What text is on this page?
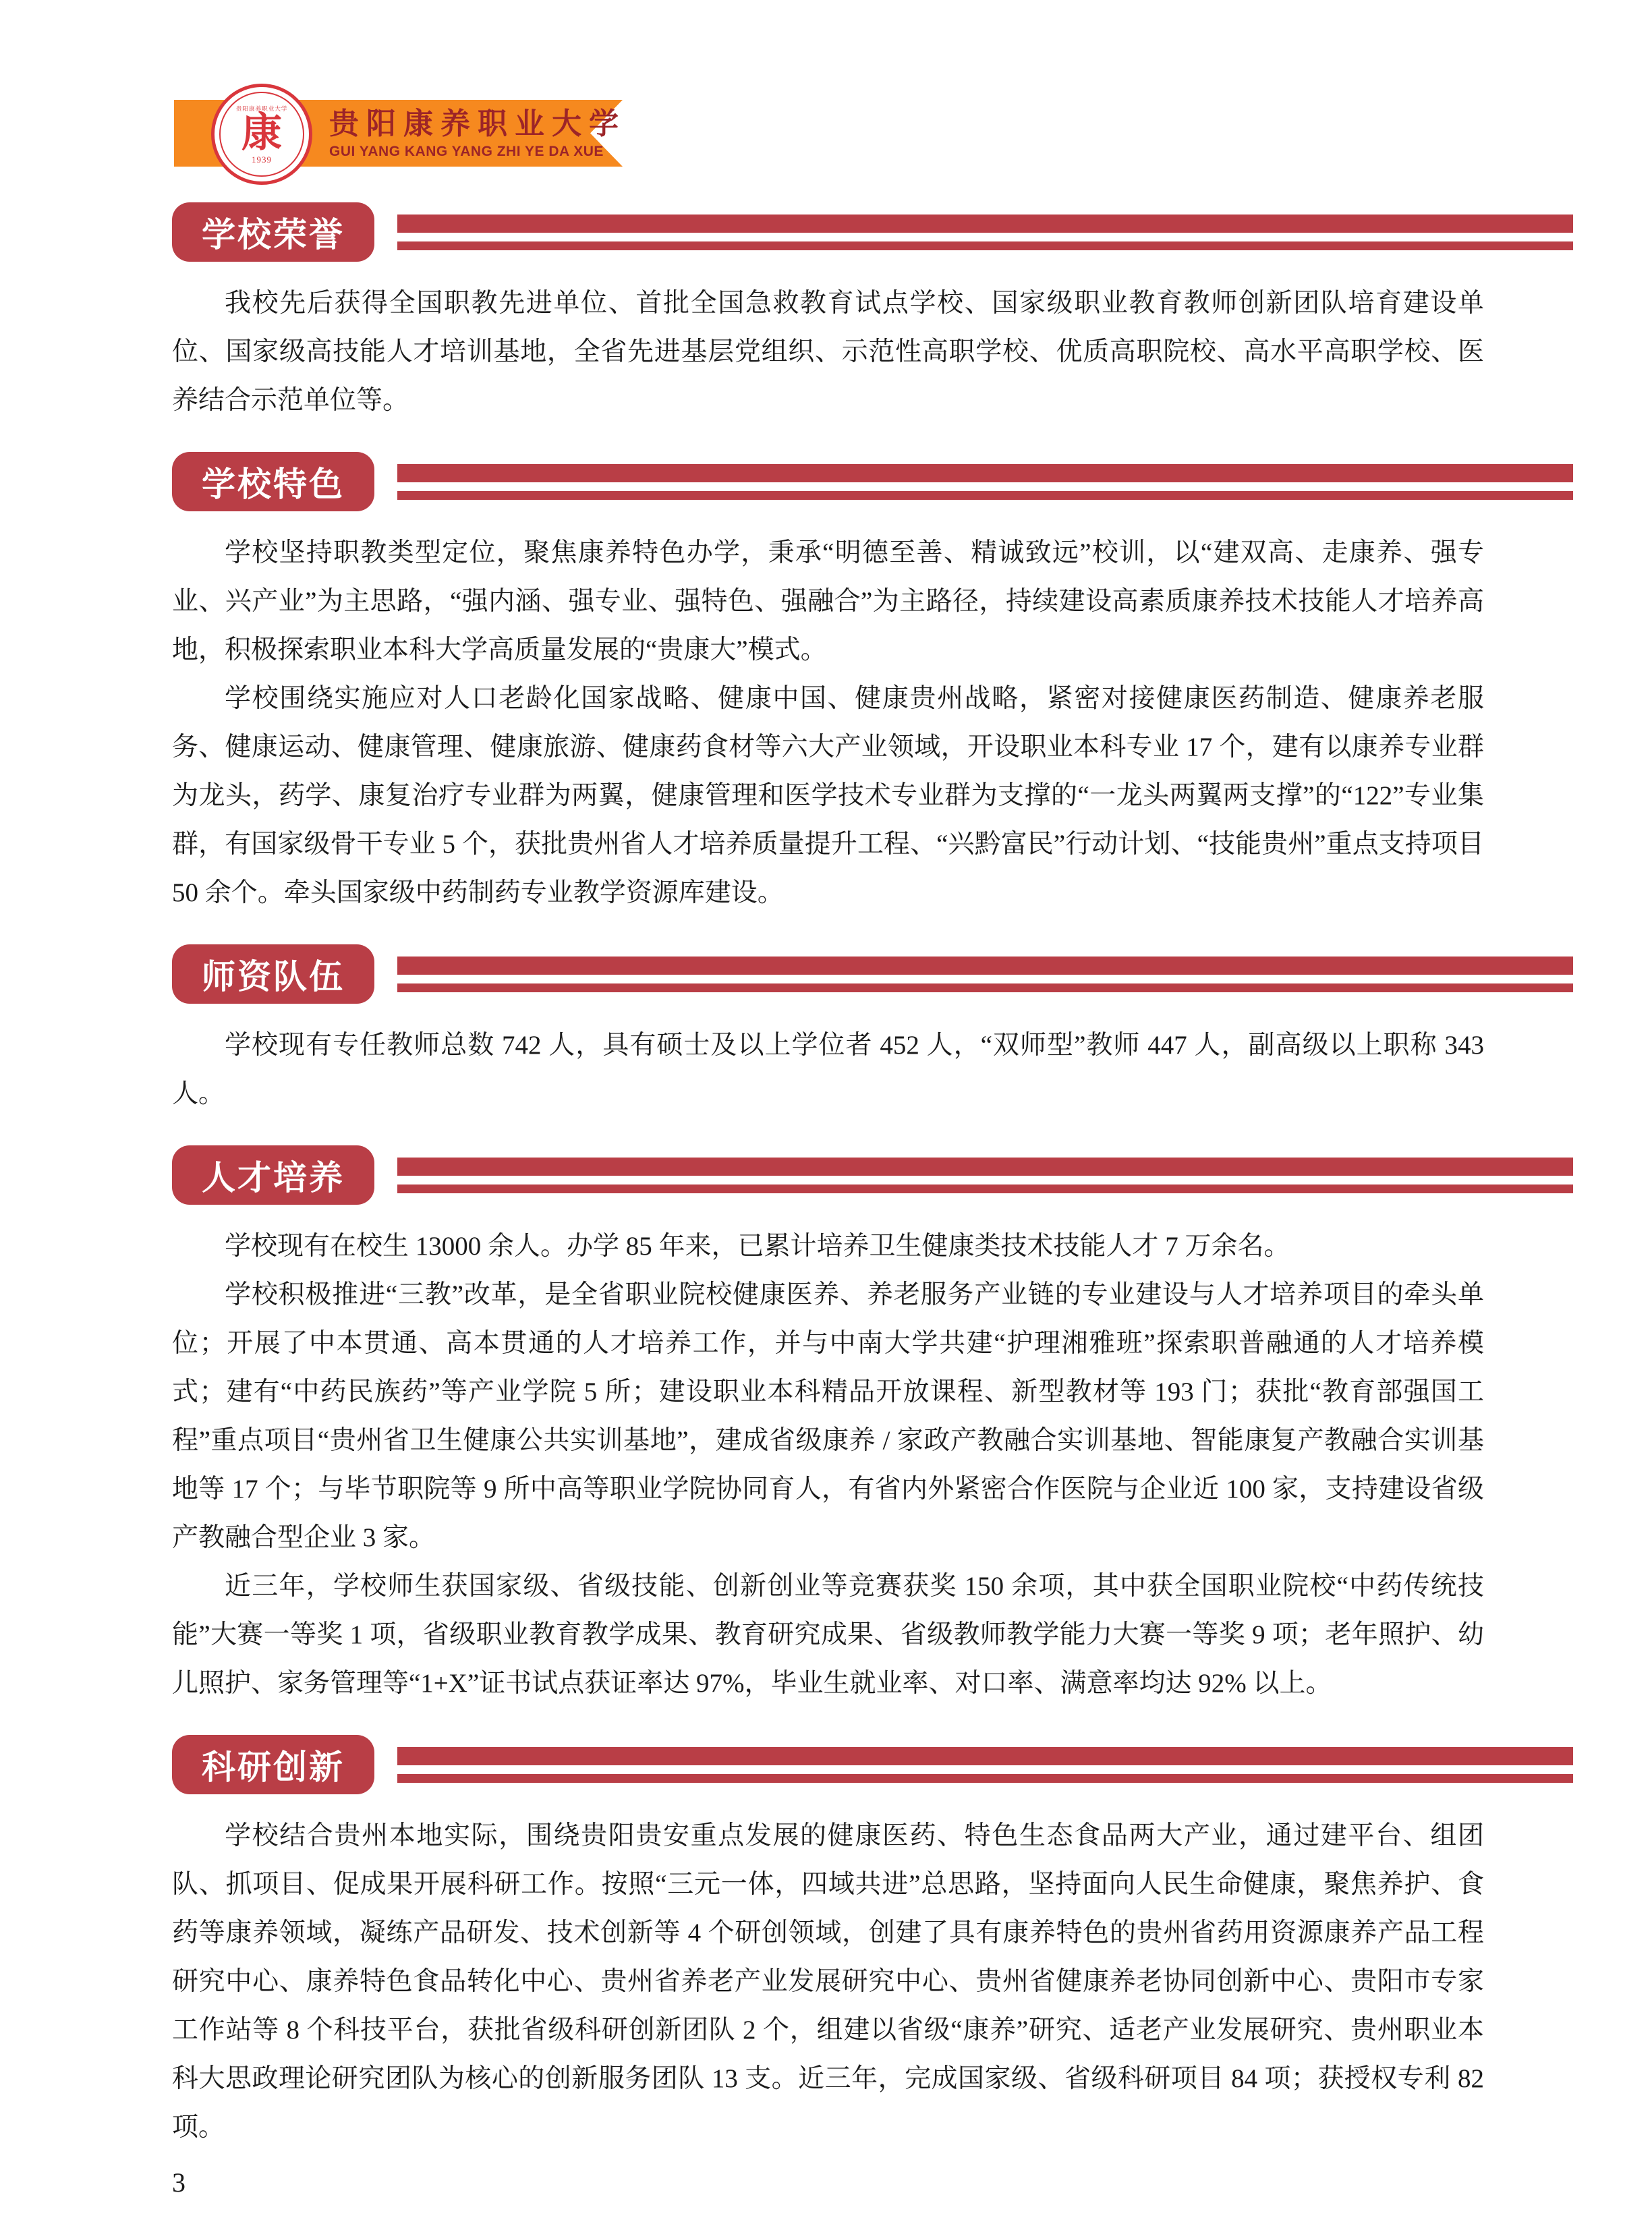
贵阳康养职业大学
康
1939
贵阳康养职业大学
GUI YANG KANG YANG ZHI YE DA XUE
学校荣誉

我校先后获得全国职教先进单位、首批全国急救教育试点学校、国家级职业教育教师创新团队培育建设单位、国家级高技能人才培训基地，全省先进基层党组织、示范性高职学校、优质高职院校、高水平高职学校、医养结合示范单位等。

学校特色

学校坚持职教类型定位，聚焦康养特色办学，秉承“明德至善、精诚致远”校训，以“建双高、走康养、强专业、兴产业”为主思路，“强内涵、强专业、强特色、强融合”为主路径，持续建设高素质康养技术技能人才培养高地，积极探索职业本科大学高质量发展的“贵康大”模式。

学校围绕实施应对人口老龄化国家战略、健康中国、健康贵州战略，紧密对接健康医药制造、健康养老服务、健康运动、健康管理、健康旅游、健康药食材等六大产业领域，开设职业本科专业 17 个，建有以康养专业群为龙头，药学、康复治疗专业群为两翼，健康管理和医学技术专业群为支撑的“一龙头两翼两支撑”的“122”专业集群，有国家级骨干专业 5 个，获批贵州省人才培养质量提升工程、“兴黔富民”行动计划、“技能贵州”重点支持项目 50 余个。牵头国家级中药制药专业教学资源库建设。

师资队伍

学校现有专任教师总数 742 人，具有硕士及以上学位者 452 人，“双师型”教师 447 人，副高级以上职称 343 人。

人才培养

学校现有在校生 13000 余人。办学 85 年来，已累计培养卫生健康类技术技能人才 7 万余名。

学校积极推进“三教”改革，是全省职业院校健康医养、养老服务产业链的专业建设与人才培养项目的牵头单位；开展了中本贯通、高本贯通的人才培养工作，并与中南大学共建“护理湘雅班”探索职普融通的人才培养模式；建有“中药民族药”等产业学院 5 所；建设职业本科精品开放课程、新型教材等 193 门；获批“教育部强国工程”重点项目“贵州省卫生健康公共实训基地”，建成省级康养 / 家政产教融合实训基地、智能康复产教融合实训基地等 17 个；与毕节职院等 9 所中高等职业学院协同育人，有省内外紧密合作医院与企业近 100 家，支持建设省级产教融合型企业 3 家。

近三年，学校师生获国家级、省级技能、创新创业等竞赛获奖 150 余项，其中获全国职业院校“中药传统技能”大赛一等奖 1 项，省级职业教育教学成果、教育研究成果、省级教师教学能力大赛一等奖 9 项；老年照护、幼儿照护、家务管理等“1+X”证书试点获证率达 97%，毕业生就业率、对口率、满意率均达 92% 以上。

科研创新

学校结合贵州本地实际，围绕贵阳贵安重点发展的健康医药、特色生态食品两大产业，通过建平台、组团队、抓项目、促成果开展科研工作。按照“三元一体，四域共进”总思路，坚持面向人民生命健康，聚焦养护、食药等康养领域，凝练产品研发、技术创新等 4 个研创领域，创建了具有康养特色的贵州省药用资源康养产品工程研究中心、康养特色食品转化中心、贵州省养老产业发展研究中心、贵州省健康养老协同创新中心、贵阳市专家工作站等 8 个科技平台，获批省级科研创新团队 2 个，组建以省级“康养”研究、适老产业发展研究、贵州职业本科大思政理论研究团队为核心的创新服务团队 13 支。近三年，完成国家级、省级科研项目 84 项；获授权专利 82 项。

3
